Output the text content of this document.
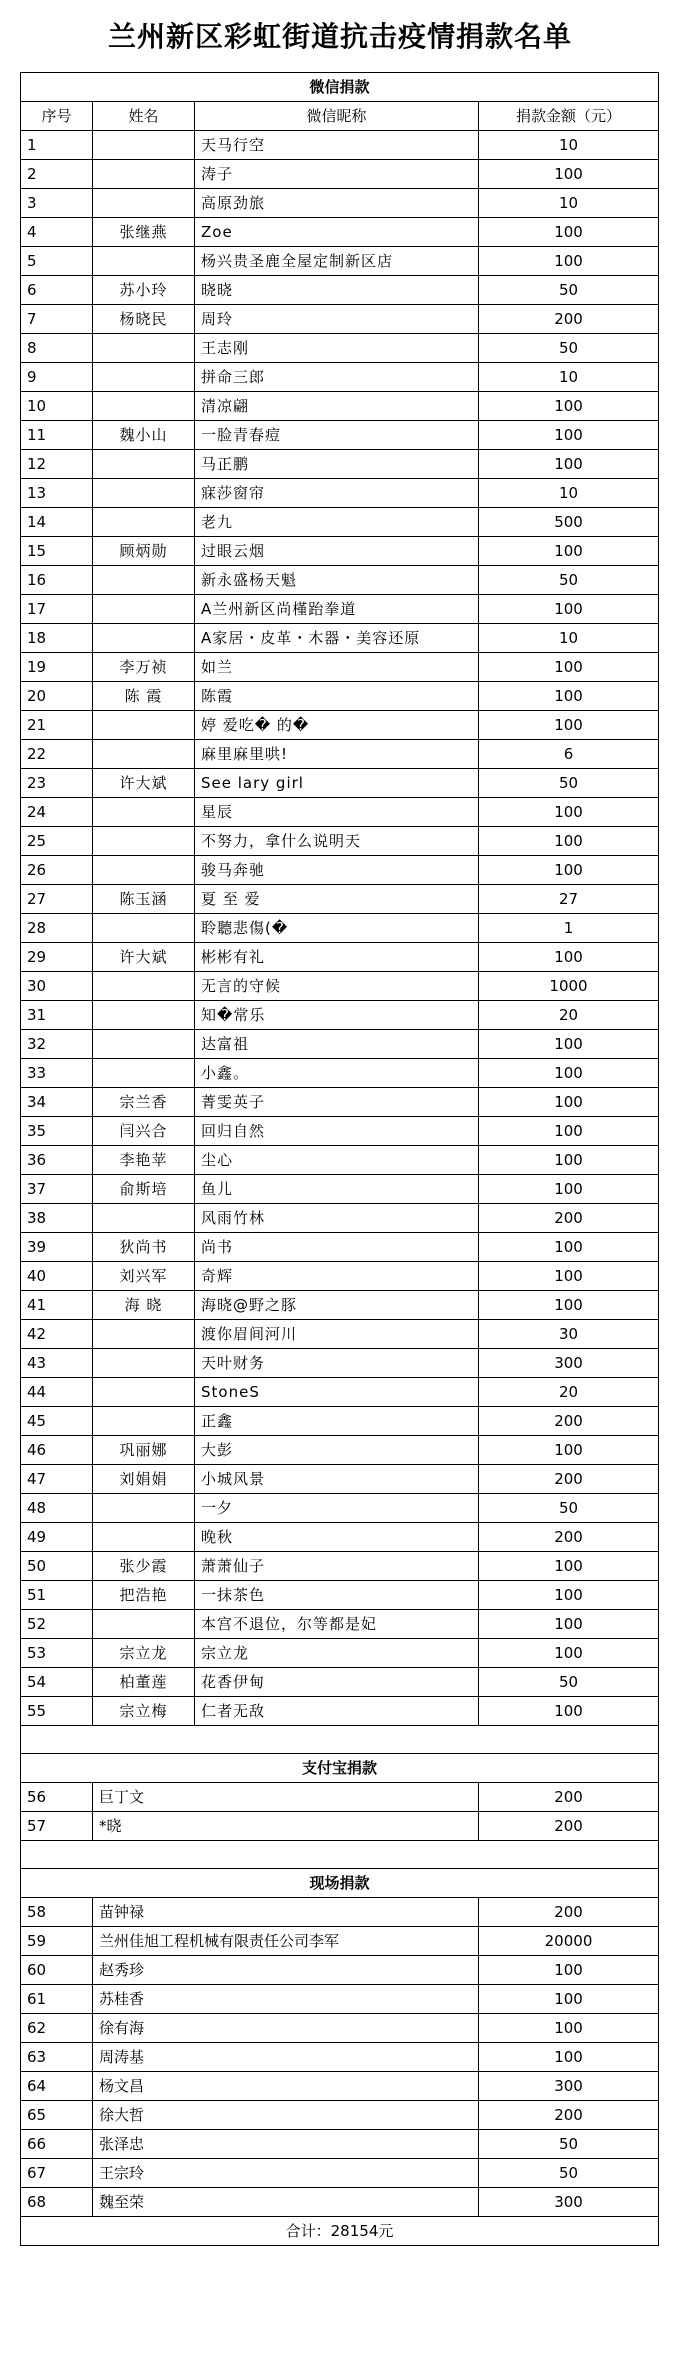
兰州新区彩虹街道抗击疫情捐款名单
微信捐款			
序号	姓名	微信昵称	捐款金额（元）
1		天马行空	10
2		涛子	100
3		高原劲旅	10
4	张继燕	Zoe	100
5		杨兴贵圣鹿全屋定制新区店	100
6	苏小玲	晓晓	50
7	杨晓民	周玲	200
8		王志刚	50
9		拼命三郎	10
10		清凉翩	100
11	魏小山	一脸青春痘	100
12		马正鹏	100
13		寐莎窗帘	10
14		老九	500
15	顾炳勋	过眼云烟	100
16		新永盛杨天魁	50
17		A兰州新区尚槿跆拳道	100
18		A家居・皮革・木器・美容还原	10
19	李万祯	如兰	100
20	陈 霞	陈霞	100
21		婷 爱吃� 的�	100
22		麻里麻里哄!	6
23	许大斌	See lary girl	50
24		星辰	100
25		不努力，拿什么说明天	100
26		骏马奔驰	100
27	陈玉涵	夏 至 爱	27
28		聆聽悲傷(�	1
29	许大斌	彬彬有礼	100
30		无言的守候	1000
31		知�常乐	20
32		达富祖	100
33		小鑫。	100
34	宗兰香	菁雯英子	100
35	闫兴合	回归自然	100
36	李艳苹	尘心	100
37	俞斯培	鱼儿	100
38		风雨竹林	200
39	狄尚书	尚书	100
40	刘兴军	奇辉	100
41	海 晓	海晓@野之豚	100
42		渡你眉间河川	30
43		天叶财务	300
44		StoneS	20
45		正鑫	200
46	巩丽娜	大彭	100
47	刘娟娟	小城风景	200
48		一夕	50
49		晚秋	200
50	张少霞	萧萧仙子	100
51	把浩艳	一抹茶色	100
52		本宫不退位，尔等都是妃	100
53	宗立龙	宗立龙	100
54	柏董莲	花香伊甸	50
55	宗立梅	仁者无敌	100

支付宝捐款			
56	巨丁文		200
57	*晓		200

现场捐款			
58	苗钟禄		200
59	兰州佳旭工程机械有限责任公司李军		20000
60	赵秀珍		100
61	苏桂香		100
62	徐有海		100
63	周涛基		100
64	杨文昌		300
65	徐大哲		200
66	张泽忠		50
67	王宗玲		50
68	魏至荣		300
合计：28154元			
